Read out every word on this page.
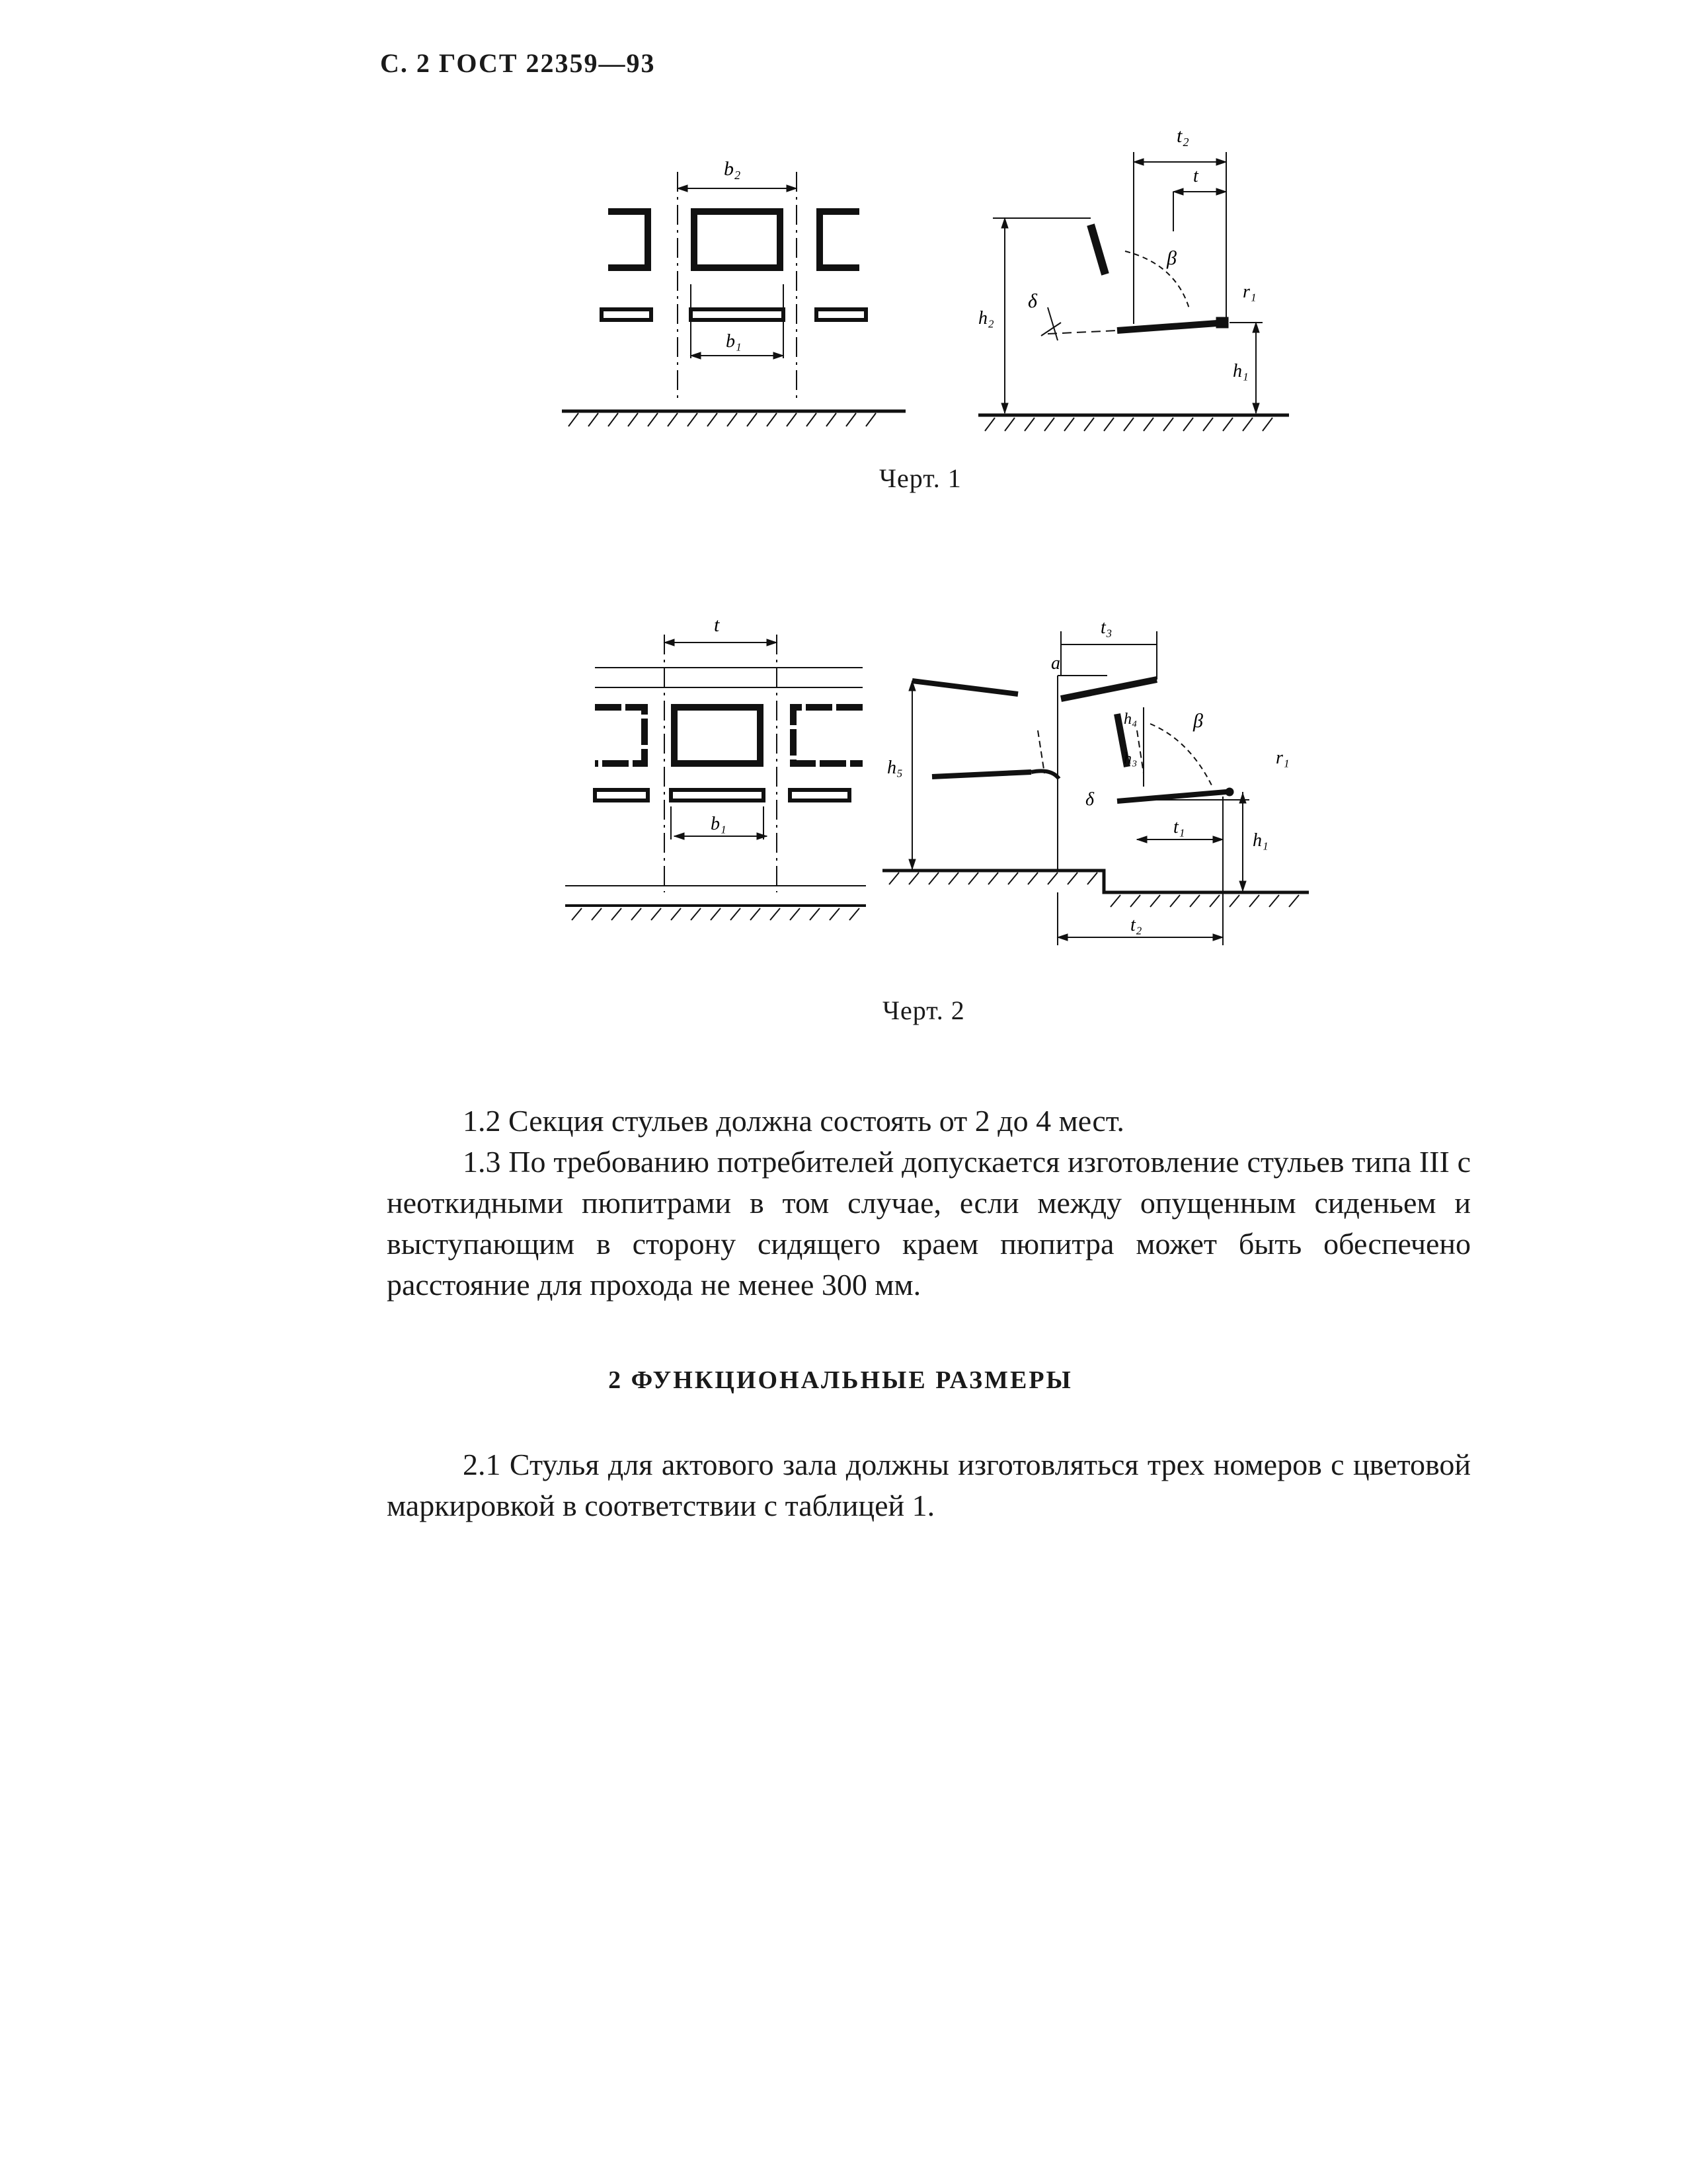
С. 2 ГОСТ 22359—93
b₂
b₁
t₂
t
β
δ	r₁
h₂
h₁
Черт. 1
t
b₁
t₃
a
h₄
h₃
β
r₁
h₅
δ
t₁
h₁
t₂
Черт. 2
1.2 Секция стульев должна состоять от 2 до 4 мест.
1.3 По требованию потребителей допускается изготовление стульев типа III с неоткидными пюпитрами в том случае, если между опущенным сиденьем и выступающим в сторону сидящего краем пюпитра может быть обеспечено расстояние для прохода не менее 300 мм.
2 ФУНКЦИОНАЛЬНЫЕ РАЗМЕРЫ
2.1 Стулья для актового зала должны изготовляться трех номеров с цветовой маркировкой в соответствии с таблицей 1.
